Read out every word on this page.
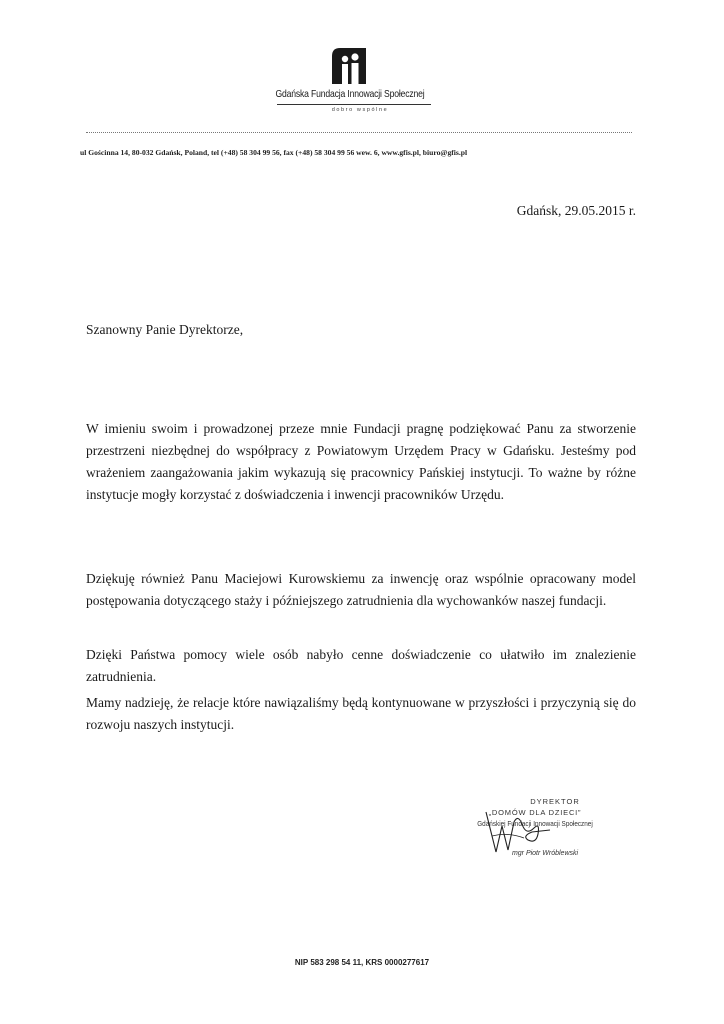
Gdańska Fundacja Innowacji Społecznej
dobro wspólne
ul Gościnna 14, 80-032 Gdańsk, Poland, tel (+48) 58 304 99 56, fax (+48) 58 304 99 56 wew. 6, www.gfis.pl, biuro@gfis.pl
Gdańsk, 29.05.2015 r.
Szanowny Panie Dyrektorze,
W imieniu swoim i prowadzonej przeze mnie Fundacji pragnę podziękować Panu za stworzenie przestrzeni niezbędnej do współpracy z Powiatowym Urzędem Pracy w Gdańsku. Jesteśmy pod wrażeniem zaangażowania jakim wykazują się pracownicy Pańskiej instytucji. To ważne by różne instytucje mogły korzystać z doświadczenia i inwencji pracowników Urzędu.
Dziękuję również Panu Maciejowi Kurowskiemu za inwencję oraz wspólnie opracowany model postępowania dotyczącego staży i późniejszego zatrudnienia dla wychowanków naszej fundacji.
Dzięki Państwa pomocy wiele osób nabyło cenne doświadczenie co ułatwiło im znalezienie zatrudnienia.
Mamy nadzieję, że relacje które nawiązaliśmy będą kontynuowane w przyszłości i przyczynią się do rozwoju naszych instytucji.
DYREKTOR
„DOMÓW DLA DZIECI”
Gdańskiej Fundacji Innowacji Społecznej
mgr Piotr Wróblewski
NIP 583 298 54 11, KRS 0000277617
